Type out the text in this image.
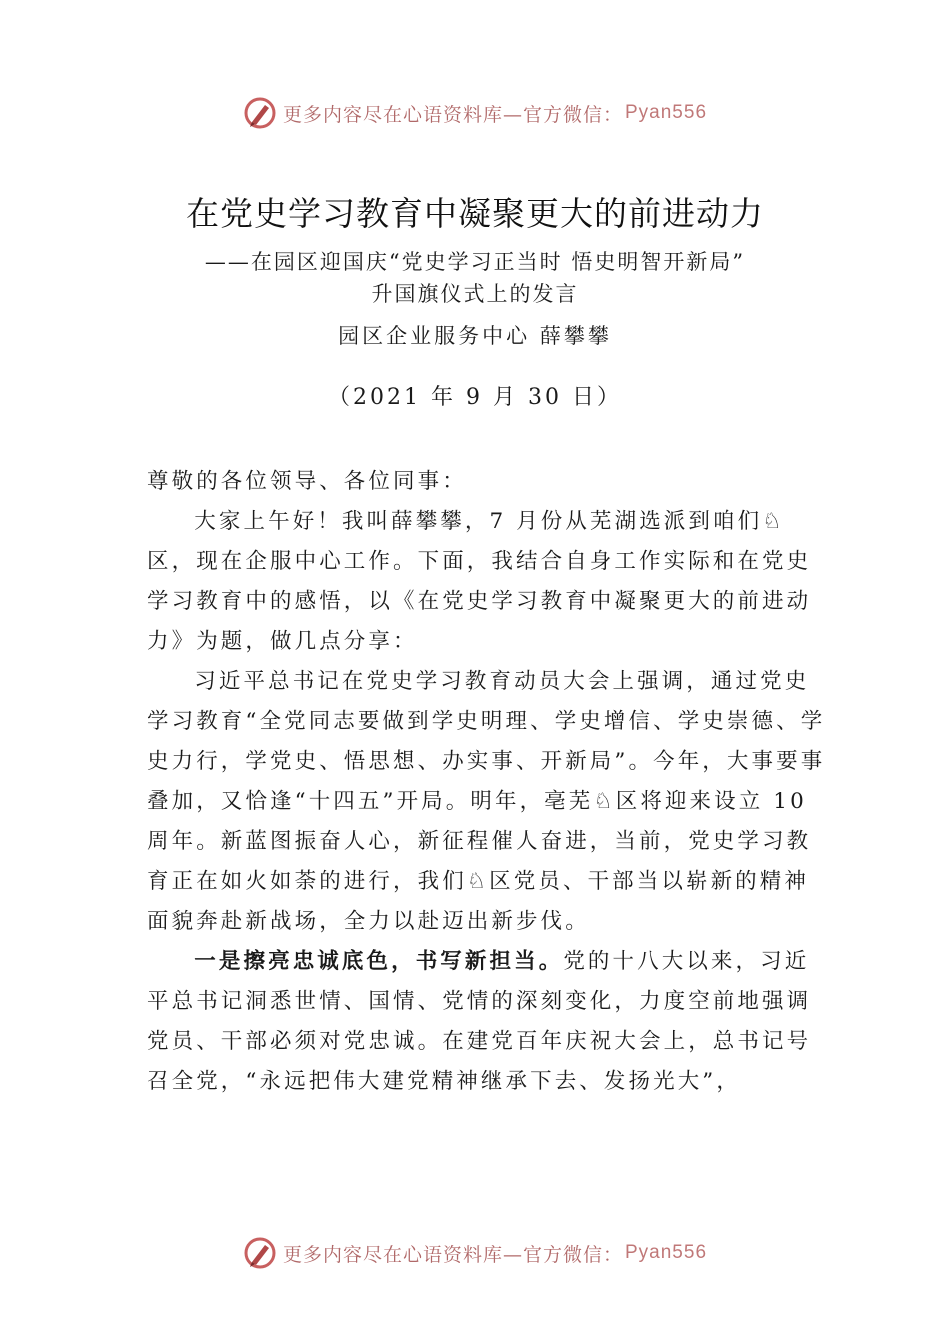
更多内容尽在心语资料库—官方微信： Pyan556
在党史学习教育中凝聚更大的前进动力
——在园区迎国庆“党史学习正当时 悟史明智开新局”
升国旗仪式上的发言
园区企业服务中心 薛攀攀
（2021 年 9 月 30 日）

尊敬的各位领导、各位同事：

大家上午好！我叫薛攀攀，7 月份从芜湖选派到咱们♘区，现在企服中心工作。下面，我结合自身工作实际和在党史学习教育中的感悟，以《在党史学习教育中凝聚更大的前进动力》为题，做几点分享：

习近平总书记在党史学习教育动员大会上强调，通过党史学习教育“全党同志要做到学史明理、学史增信、学史崇德、学史力行，学党史、悟思想、办实事、开新局”。今年，大事要事叠加，又恰逢“十四五”开局。明年，亳芜♘区将迎来设立 10 周年。新蓝图振奋人心，新征程催人奋进，当前，党史学习教育正在如火如荼的进行，我们♘区党员、干部当以崭新的精神面貌奔赴新战场，全力以赴迈出新步伐。

一是擦亮忠诚底色，书写新担当。党的十八大以来，习近平总书记洞悉世情、国情、党情的深刻变化，力度空前地强调党员、干部必须对党忠诚。在建党百年庆祝大会上，总书记号召全党，“永远把伟大建党精神继承下去、发扬光大”，

更多内容尽在心语资料库—官方微信： Pyan556
